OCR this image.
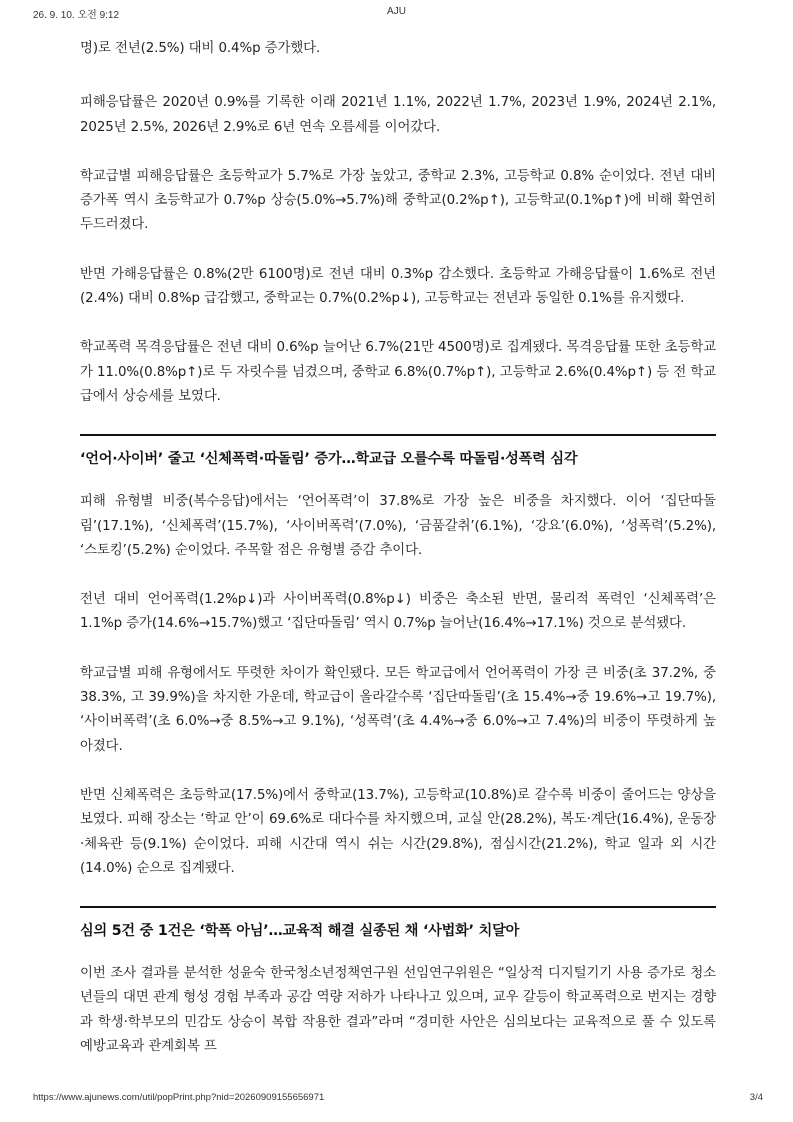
26. 9. 10. 오전 9:12	AJU

명)로 전년(2.5%) 대비 0.4%p 증가했다.

피해응답률은 2020년 0.9%를 기록한 이래 2021년 1.1%, 2022년 1.7%, 2023년 1.9%, 2024년 2.1%, 2025년 2.5%, 2026년 2.9%로 6년 연속 오름세를 이어갔다.

학교급별 피해응답률은 초등학교가 5.7%로 가장 높았고, 중학교 2.3%, 고등학교 0.8% 순이었다. 전년 대비 증가폭 역시 초등학교가 0.7%p 상승(5.0%→5.7%)해 중학교(0.2%p↑), 고등학교(0.1%p↑)에 비해 확연히 두드러졌다.

반면 가해응답률은 0.8%(2만 6100명)로 전년 대비 0.3%p 감소했다. 초등학교 가해응답률이 1.6%로 전년(2.4%) 대비 0.8%p 급감했고, 중학교는 0.7%(0.2%p↓), 고등학교는 전년과 동일한 0.1%를 유지했다.

학교폭력 목격응답률은 전년 대비 0.6%p 늘어난 6.7%(21만 4500명)로 집계됐다. 목격응답률 또한 초등학교가 11.0%(0.8%p↑)로 두 자릿수를 넘겼으며, 중학교 6.8%(0.7%p↑), 고등학교 2.6%(0.4%p↑) 등 전 학교급에서 상승세를 보였다.

‘언어·사이버’ 줄고 ‘신체폭력·따돌림’ 증가…학교급 오를수록 따돌림·성폭력 심각

피해 유형별 비중(복수응답)에서는 ‘언어폭력’이 37.8%로 가장 높은 비중을 차지했다. 이어 ‘집단따돌림’(17.1%), ‘신체폭력’(15.7%), ‘사이버폭력’(7.0%), ‘금품갈취’(6.1%), ‘강요’(6.0%), ‘성폭력’(5.2%), ‘스토킹’(5.2%) 순이었다. 주목할 점은 유형별 증감 추이다.

전년 대비 언어폭력(1.2%p↓)과 사이버폭력(0.8%p↓) 비중은 축소된 반면, 물리적 폭력인 ‘신체폭력’은 1.1%p 증가(14.6%→15.7%)했고 ‘집단따돌림’ 역시 0.7%p 늘어난(16.4%→17.1%) 것으로 분석됐다.

학교급별 피해 유형에서도 뚜렷한 차이가 확인됐다. 모든 학교급에서 언어폭력이 가장 큰 비중(초 37.2%, 중 38.3%, 고 39.9%)을 차지한 가운데, 학교급이 올라갈수록 ‘집단따돌림’(초 15.4%→중 19.6%→고 19.7%), ‘사이버폭력’(초 6.0%→중 8.5%→고 9.1%), ‘성폭력’(초 4.4%→중 6.0%→고 7.4%)의 비중이 뚜렷하게 높아졌다.

반면 신체폭력은 초등학교(17.5%)에서 중학교(13.7%), 고등학교(10.8%)로 갈수록 비중이 줄어드는 양상을 보였다. 피해 장소는 ‘학교 안’이 69.6%로 대다수를 차지했으며, 교실 안(28.2%), 복도·계단(16.4%), 운동장·체육관 등(9.1%) 순이었다. 피해 시간대 역시 쉬는 시간(29.8%), 점심시간(21.2%), 학교 일과 외 시간(14.0%) 순으로 집계됐다.

심의 5건 중 1건은 ‘학폭 아님’…교육적 해결 실종된 채 ‘사법화’ 치달아

이번 조사 결과를 분석한 성윤숙 한국청소년정책연구원 선임연구위원은 “일상적 디지털기기 사용 증가로 청소년들의 대면 관계 형성 경험 부족과 공감 역량 저하가 나타나고 있으며, 교우 갈등이 학교폭력으로 번지는 경향과 학생·학부모의 민감도 상승이 복합 작용한 결과”라며 “경미한 사안은 심의보다는 교육적으로 풀 수 있도록 예방교육과 관계회복 프

https://www.ajunews.com/util/popPrint.php?nid=20260909155656971	3/4
